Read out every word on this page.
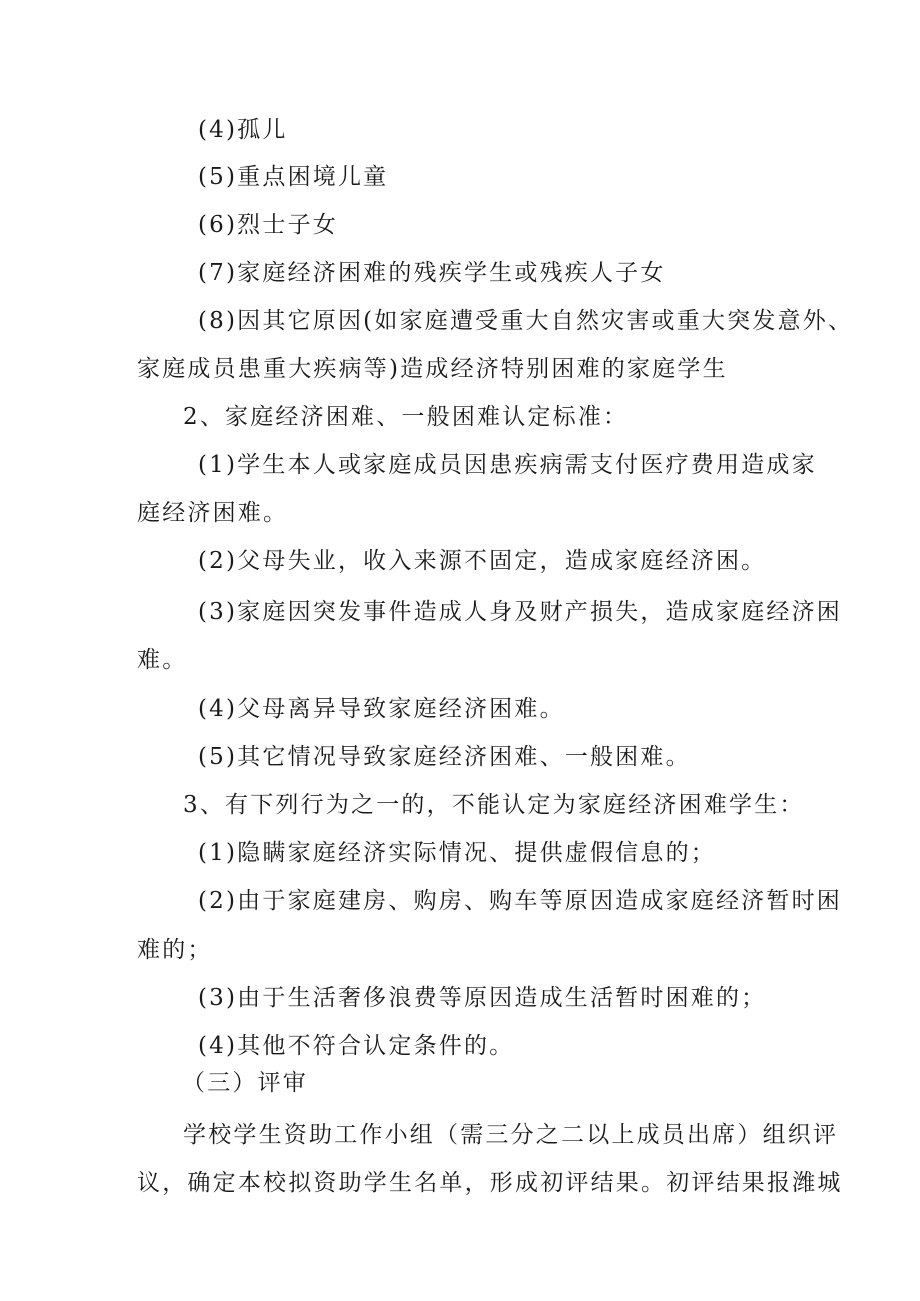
(4)孤儿
(5)重点困境儿童
(6)烈士子女
(7)家庭经济困难的残疾学生或残疾人子女
(8)因其它原因(如家庭遭受重大自然灾害或重大突发意外、
家庭成员患重大疾病等)造成经济特别困难的家庭学生
2、家庭经济困难、一般困难认定标准：
(1)学生本人或家庭成员因患疾病需支付医疗费用造成家
庭经济困难。
(2)父母失业，收入来源不固定，造成家庭经济困。
(3)家庭因突发事件造成人身及财产损失，造成家庭经济困
难。
(4)父母离异导致家庭经济困难。
(5)其它情况导致家庭经济困难、一般困难。
3、有下列行为之一的，不能认定为家庭经济困难学生：
(1)隐瞒家庭经济实际情况、提供虚假信息的；
(2)由于家庭建房、购房、购车等原因造成家庭经济暂时困
难的；
(3)由于生活奢侈浪费等原因造成生活暂时困难的；
(4)其他不符合认定条件的。
（三）评审
学校学生资助工作小组（需三分之二以上成员出席）组织评
议，确定本校拟资助学生名单，形成初评结果。初评结果报潍城
